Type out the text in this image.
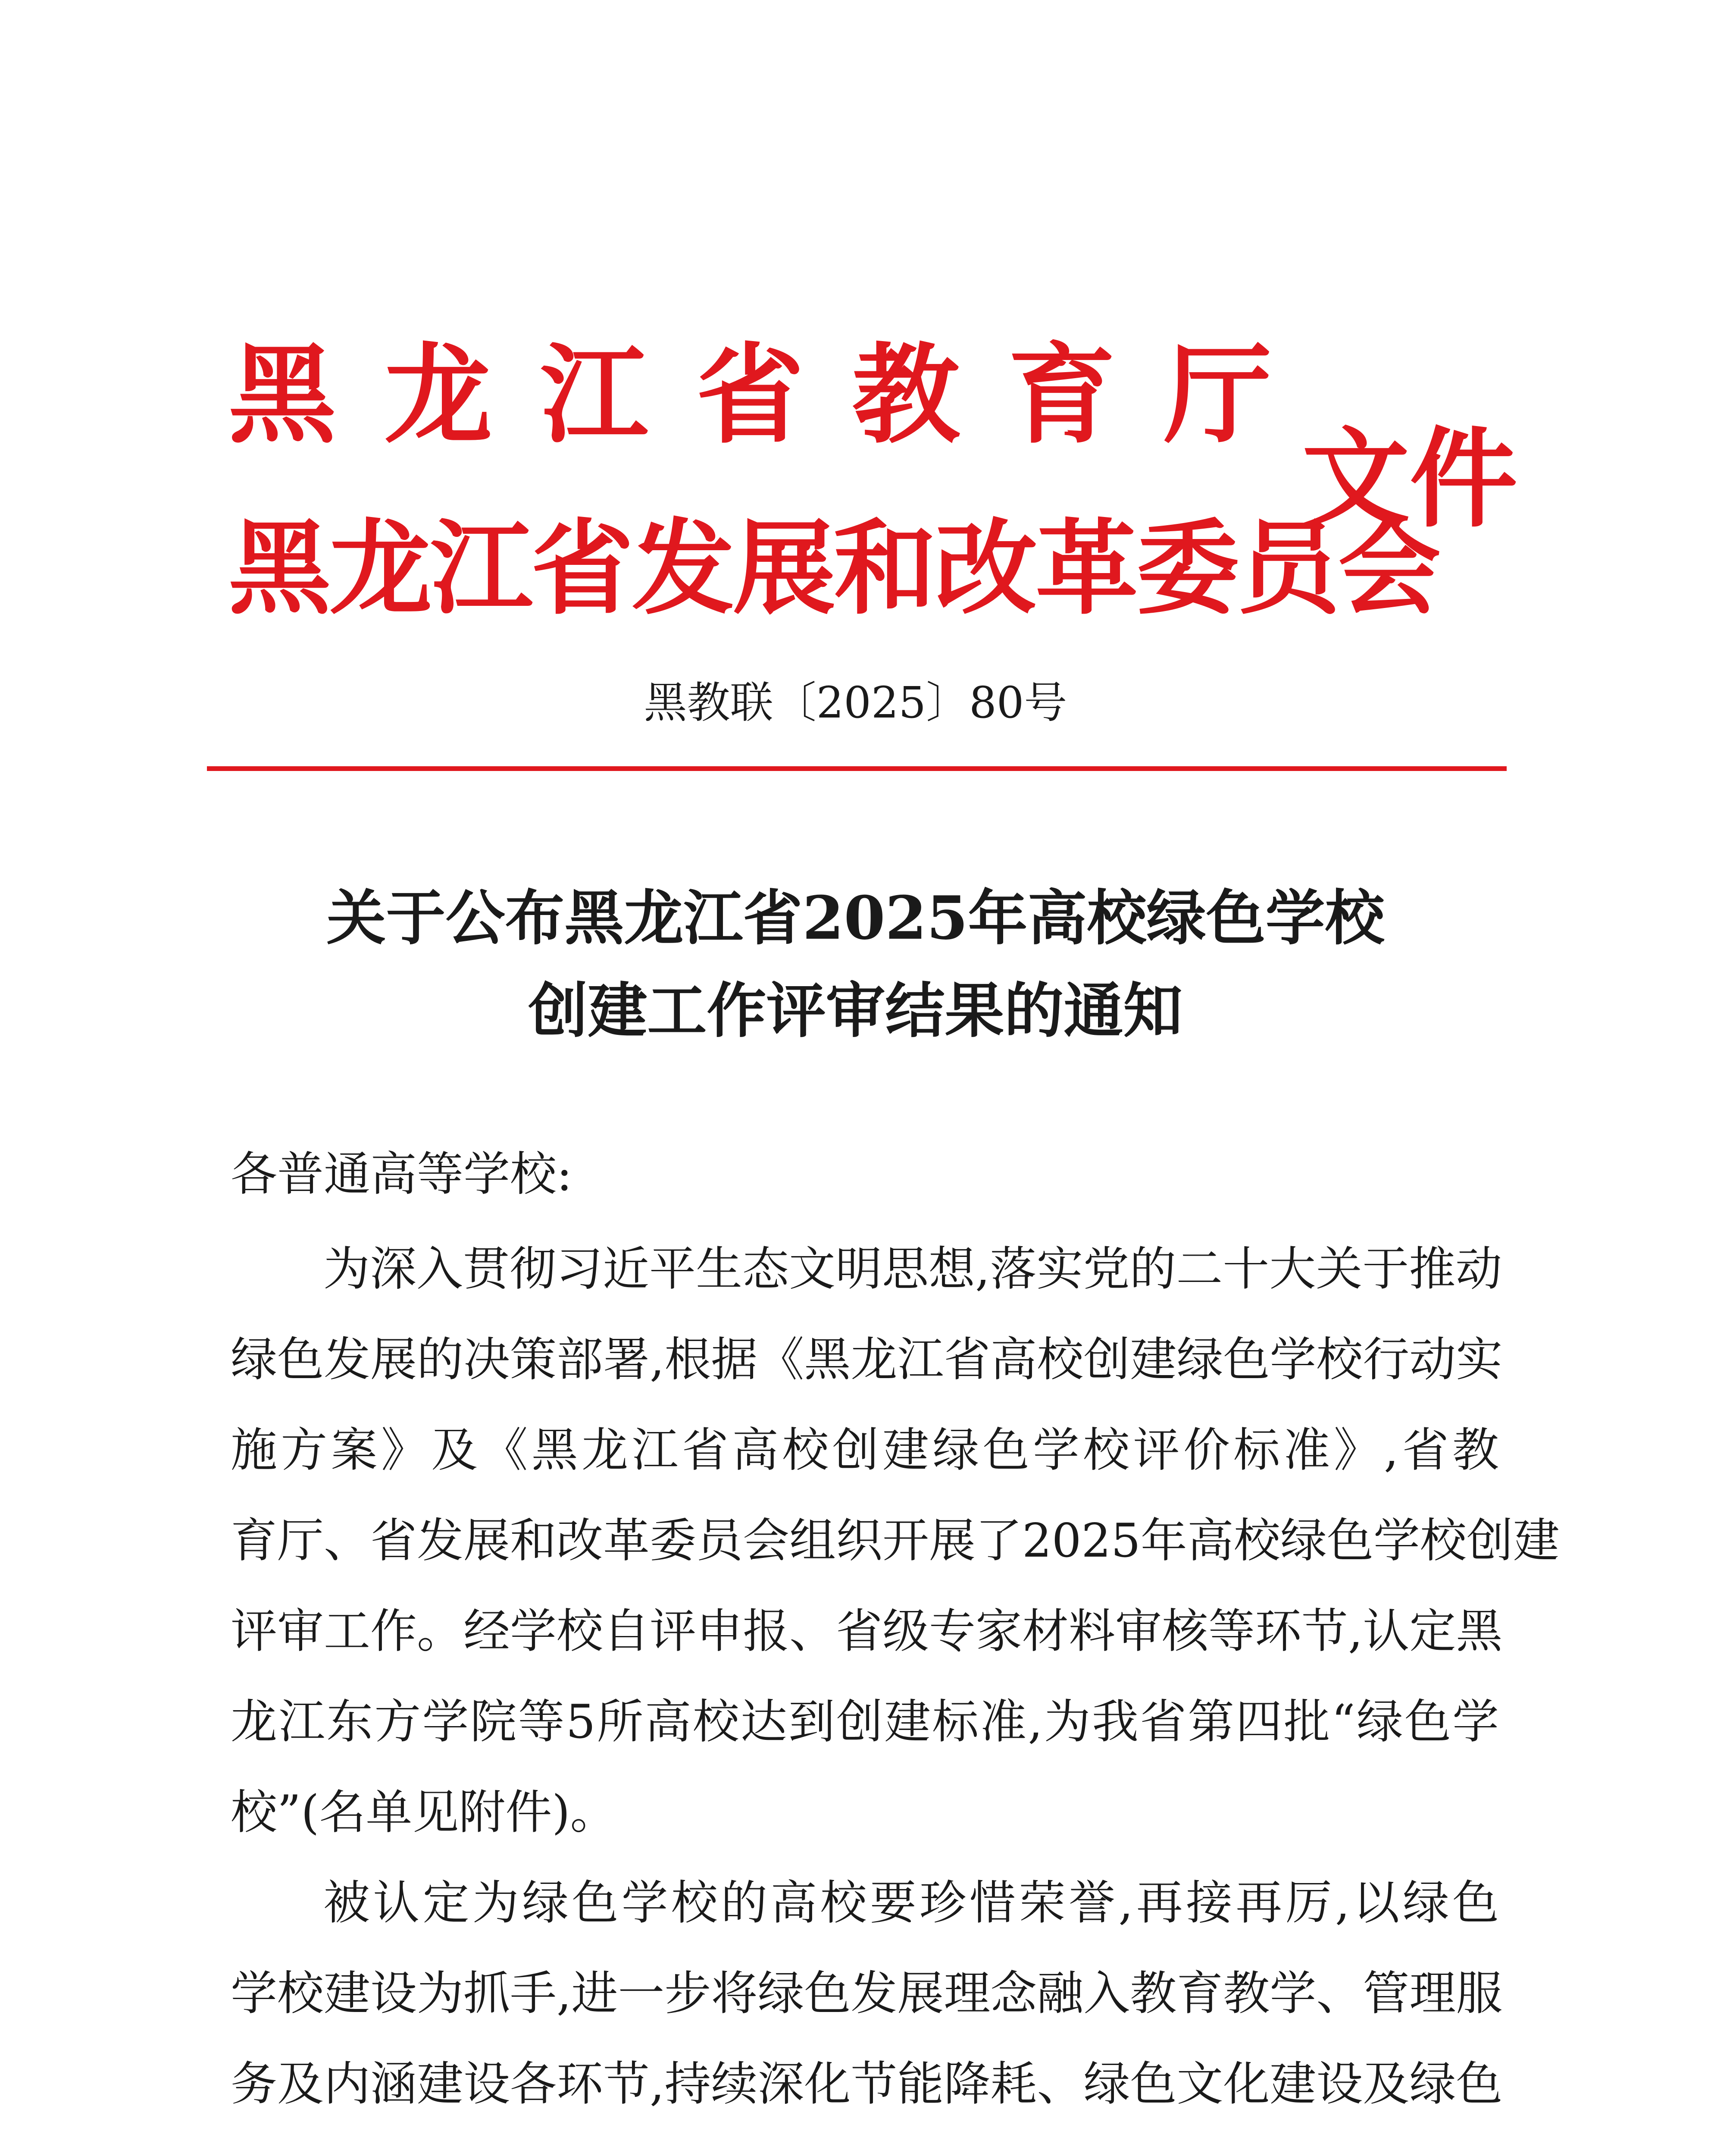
黑 龙 江 省 教 育 厅
黑龙江省发展和改革委员会
文件
黑教联〔2025〕80号
关于公布黑龙江省2025年高校绿色学校
创建工作评审结果的通知
各普通高等学校:
为深入贯彻习近平生态文明思想,落实党的二十大关于推动
绿色发展的决策部署,根据《黑龙江省高校创建绿色学校行动实
施方案》及《黑龙江省高校创建绿色学校评价标准》,省教
育厅、省发展和改革委员会组织开展了2025年高校绿色学校创建
评审工作。经学校自评申报、省级专家材料审核等环节,认定黑
龙江东方学院等5所高校达到创建标准,为我省第四批“绿色学
校”(名单见附件)。
被认定为绿色学校的高校要珍惜荣誉,再接再厉,以绿色
学校建设为抓手,进一步将绿色发展理念融入教育教学、管理服
务及内涵建设各环节,持续深化节能降耗、绿色文化建设及绿色
